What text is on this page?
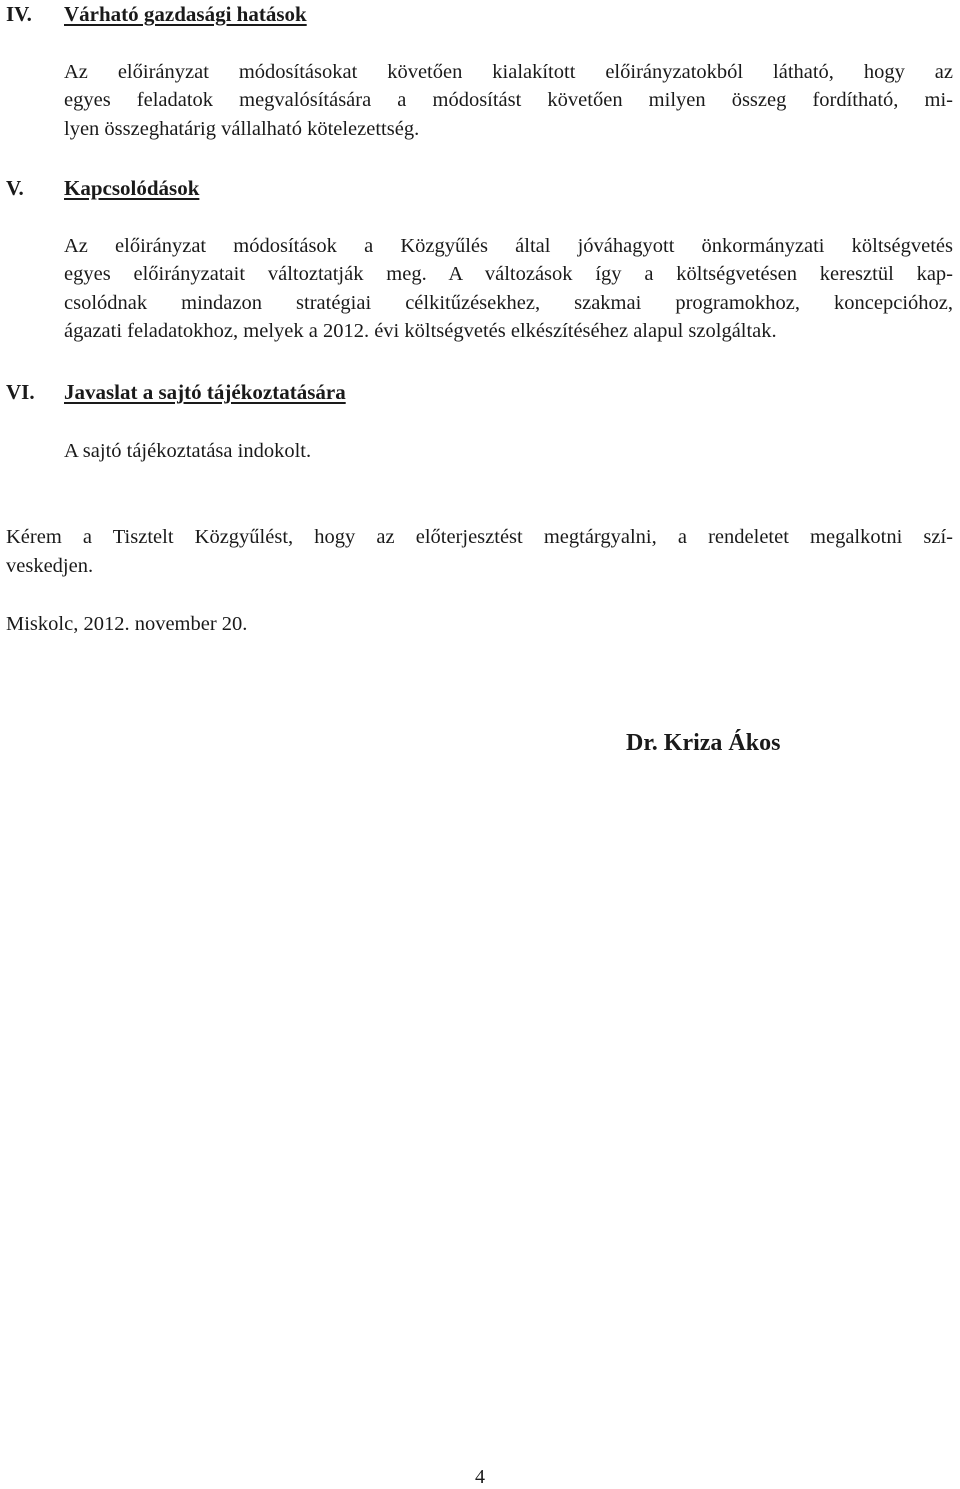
IV. Várható gazdasági hatások
Az előirányzat módosításokat követően kialakított előirányzatokból látható, hogy az
egyes feladatok megvalósítására a módosítást követően milyen összeg fordítható, mi-
lyen összeghatárig vállalható kötelezettség.
V. Kapcsolódások
Az előirányzat módosítások a Közgyűlés által jóváhagyott önkormányzati költségvetés
egyes előirányzatait változtatják meg. A változások így a költségvetésen keresztül kap-
csolódnak mindazon stratégiai célkitűzésekhez, szakmai programokhoz, koncepcióhoz,
ágazati feladatokhoz, melyek a 2012. évi költségvetés elkészítéséhez alapul szolgáltak.
VI. Javaslat a sajtó tájékoztatására

A sajtó tájékoztatása indokolt.

Kérem a Tisztelt Közgyűlést, hogy az előterjesztést megtárgyalni, a rendeletet megalkotni szí-
veskedjen.

Miskolc, 2012. november 20.

Dr. Kriza Ákos
4
